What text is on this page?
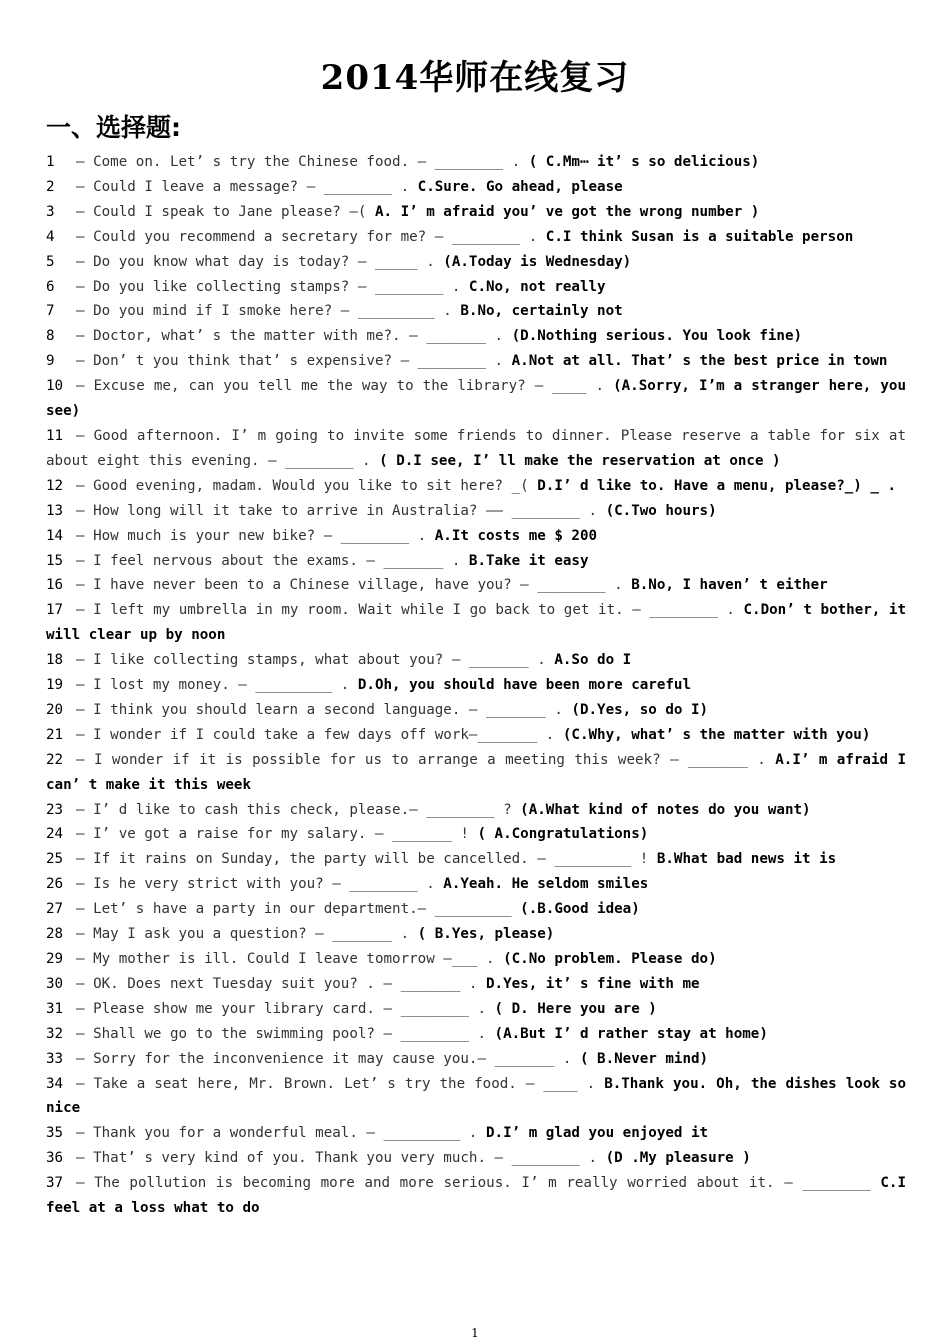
2014华师在线复习
一、选择题:

1 — Come on. Let’ s try the Chinese food. — ________ . ( C.Mm⋯ it’ s so delicious)

2 — Could I leave a message? — ________ . C.Sure. Go ahead, please

3 — Could I speak to Jane please? —( A. I’ m afraid you’ ve got the wrong number )

4 — Could you recommend a secretary for me? — ________ . C.I think Susan is a suitable person

5 — Do you know what day is today? — _____ . (A.Today is Wednesday)

6 — Do you like collecting stamps? — ________ . C.No, not really

7 — Do you mind if I smoke here? — _________ . B.No, certainly not

8 — Doctor, what’ s the matter with me?. — _______ . (D.Nothing serious. You look fine)

9 — Don’ t you think that’ s expensive? — ________ . A.Not at all. That’ s the best price in town

10 — Excuse me, can you tell me the way to the library? — ____ . (A.Sorry, I’m a stranger here, you see)

11 — Good afternoon. I’ m going to invite some friends to dinner. Please reserve a table for six at about eight this evening. — ________ . ( D.I see, I’ ll make the reservation at once )

12 — Good evening, madam. Would you like to sit here? _( D.I’ d like to. Have a menu, please?_) _ .

13 — How long will it take to arrive in Australia? —— ________ . (C.Two hours)

14 — How much is your new bike? — ________ . A.It costs me $ 200

15 — I feel nervous about the exams. — _______ . B.Take it easy

16 — I have never been to a Chinese village, have you? — ________ . B.No, I haven’ t either

17 — I left my umbrella in my room. Wait while I go back to get it. — ________ . C.Don’ t bother, it will clear up by noon

18 — I like collecting stamps, what about you? — _______ . A.So do I

19 — I lost my money. — _________ . D.Oh, you should have been more careful

20 — I think you should learn a second language. — _______ . (D.Yes, so do I)

21 — I wonder if I could take a few days off work—_______ . (C.Why, what’ s the matter with you)

22 — I wonder if it is possible for us to arrange a meeting this week? — _______ . A.I’ m afraid I can’ t make it this week

23 — I’ d like to cash this check, please.— ________ ? (A.What kind of notes do you want)

24 — I’ ve got a raise for my salary. — _______ ! ( A.Congratulations)

25 — If it rains on Sunday, the party will be cancelled. — _________ ! B.What bad news it is

26 — Is he very strict with you? — ________ . A.Yeah. He seldom smiles

27 — Let’ s have a party in our department.— _________ (.B.Good idea)

28 — May I ask you a question? — _______ . ( B.Yes, please)

29 — My mother is ill. Could I leave tomorrow —___ . (C.No problem. Please do)

30 — OK. Does next Tuesday suit you? . — _______ . D.Yes, it’ s fine with me

31 — Please show me your library card. — ________ . ( D. Here you are )

32 — Shall we go to the swimming pool? — ________ . (A.But I’ d rather stay at home)

33 — Sorry for the inconvenience it may cause you.— _______ . ( B.Never mind)

34 — Take a seat here, Mr. Brown. Let’ s try the food. — ____ . B.Thank you. Oh, the dishes look so nice

35 — Thank you for a wonderful meal. — _________ . D.I’ m glad you enjoyed it

36 — That’ s very kind of you. Thank you very much. — ________ . (D .My pleasure )

37 — The pollution is becoming more and more serious. I’ m really worried about it. — ________ C.I feel at a loss what to do

1
